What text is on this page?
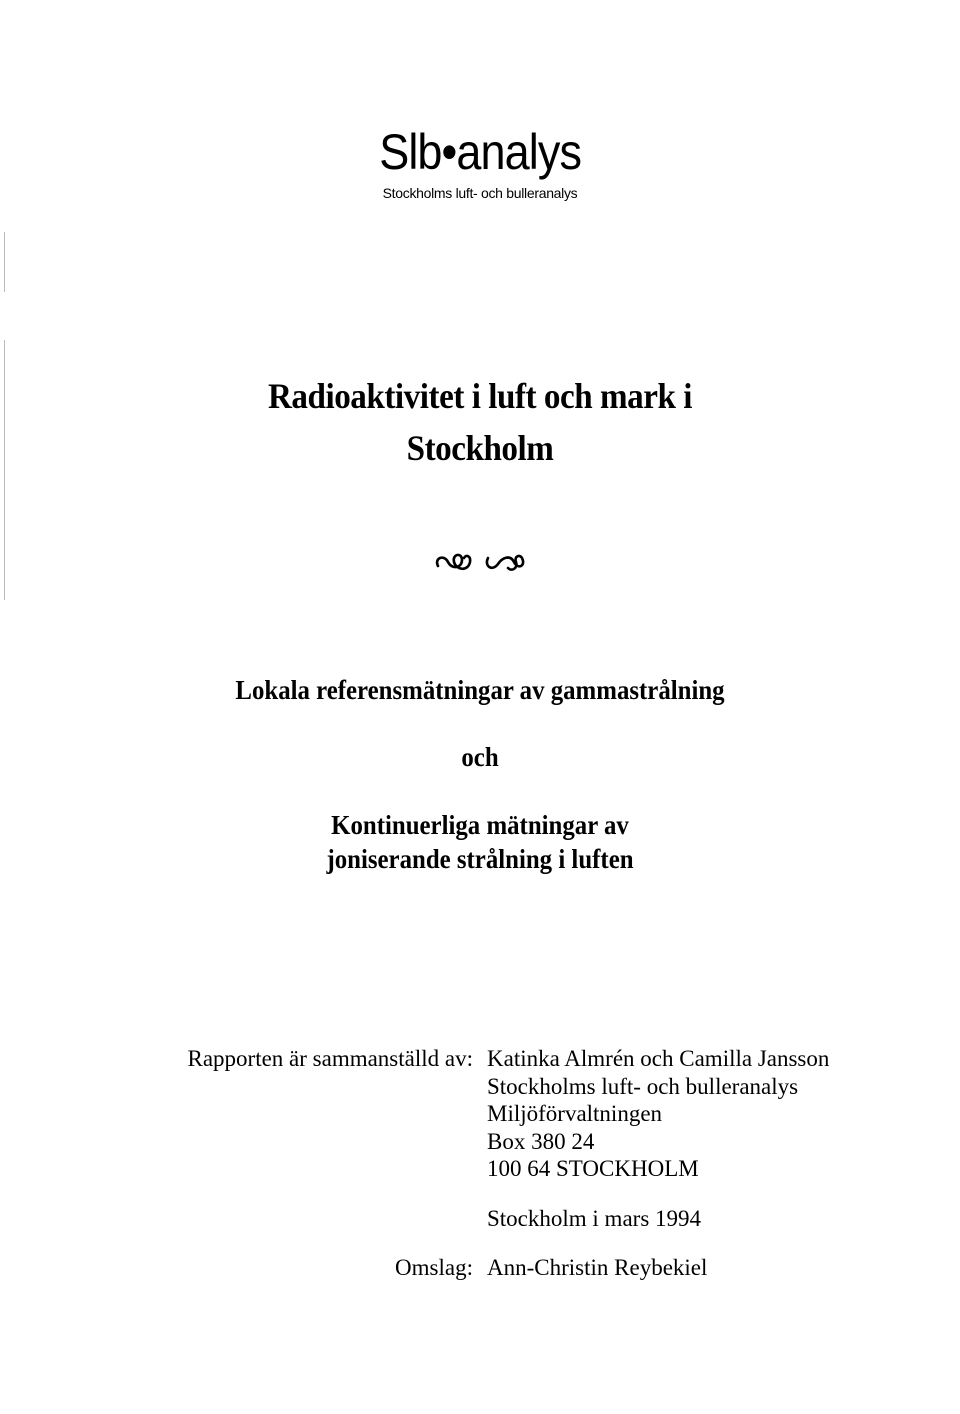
Slb•analys
Stockholms luft- och bulleranalys
Radioaktivitet i luft och mark i
Stockholm
Lokala referensmätningar av gammastrålning
och
Kontinuerliga mätningar av
joniserande strålning i luften
Rapporten är sammanställd av: Katinka Almrén och Camilla Jansson
Stockholms luft- och bulleranalys
Miljöförvaltningen
Box 380 24
100 64 STOCKHOLM
Stockholm i mars 1994
Omslag: Ann-Christin Reybekiel
